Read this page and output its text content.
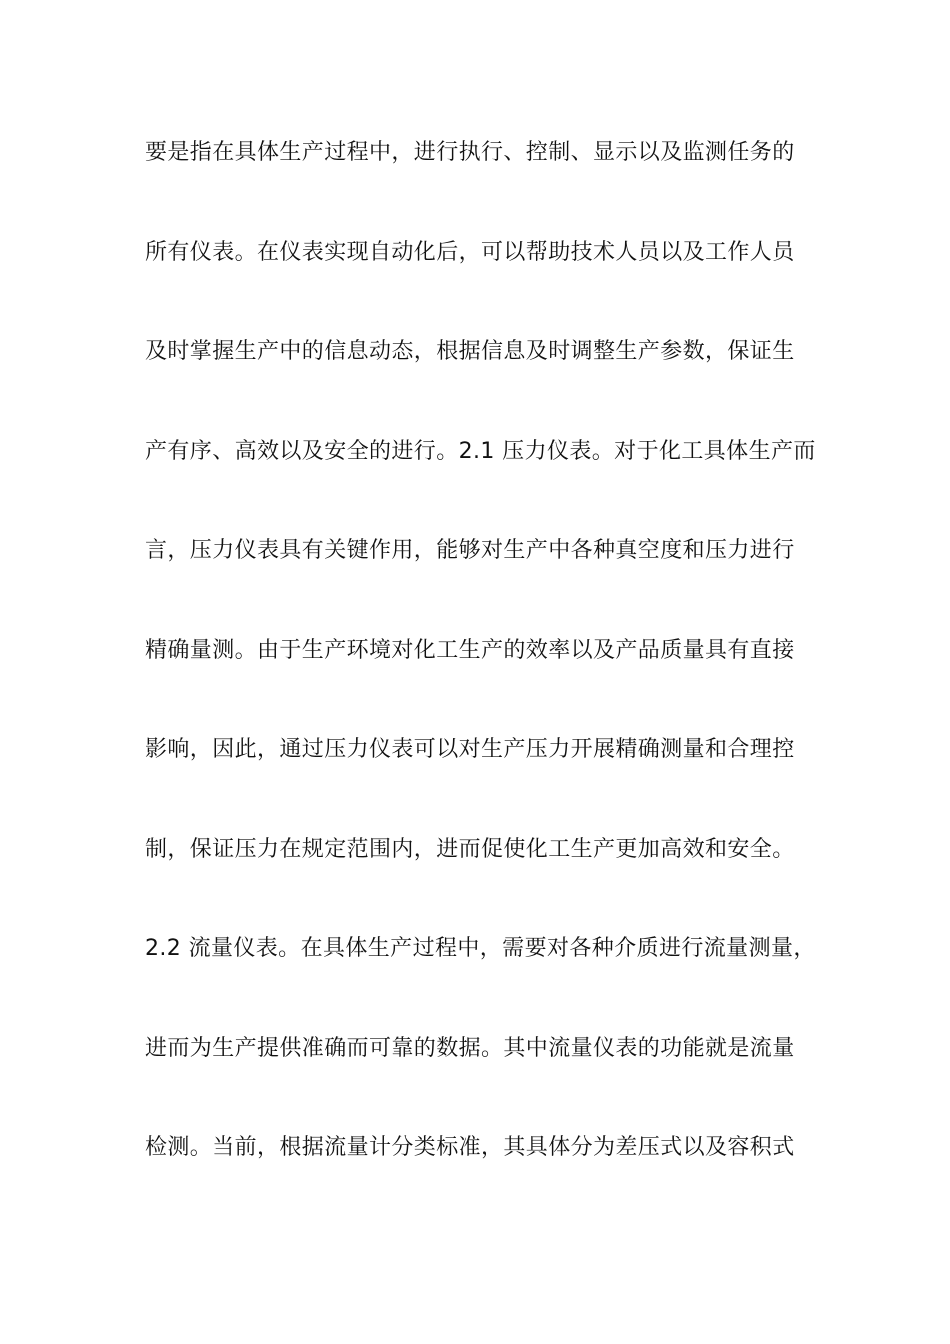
要是指在具体生产过程中，进行执行、控制、显示以及监测任务的
所有仪表。在仪表实现自动化后，可以帮助技术人员以及工作人员
及时掌握生产中的信息动态，根据信息及时调整生产参数，保证生
产有序、高效以及安全的进行。2.1 压力仪表。对于化工具体生产而
言，压力仪表具有关键作用，能够对生产中各种真空度和压力进行
精确量测。由于生产环境对化工生产的效率以及产品质量具有直接
影响，因此，通过压力仪表可以对生产压力开展精确测量和合理控
制，保证压力在规定范围内，进而促使化工生产更加高效和安全。
2.2 流量仪表。在具体生产过程中，需要对各种介质进行流量测量，
进而为生产提供准确而可靠的数据。其中流量仪表的功能就是流量
检测。当前，根据流量计分类标准，其具体分为差压式以及容积式
